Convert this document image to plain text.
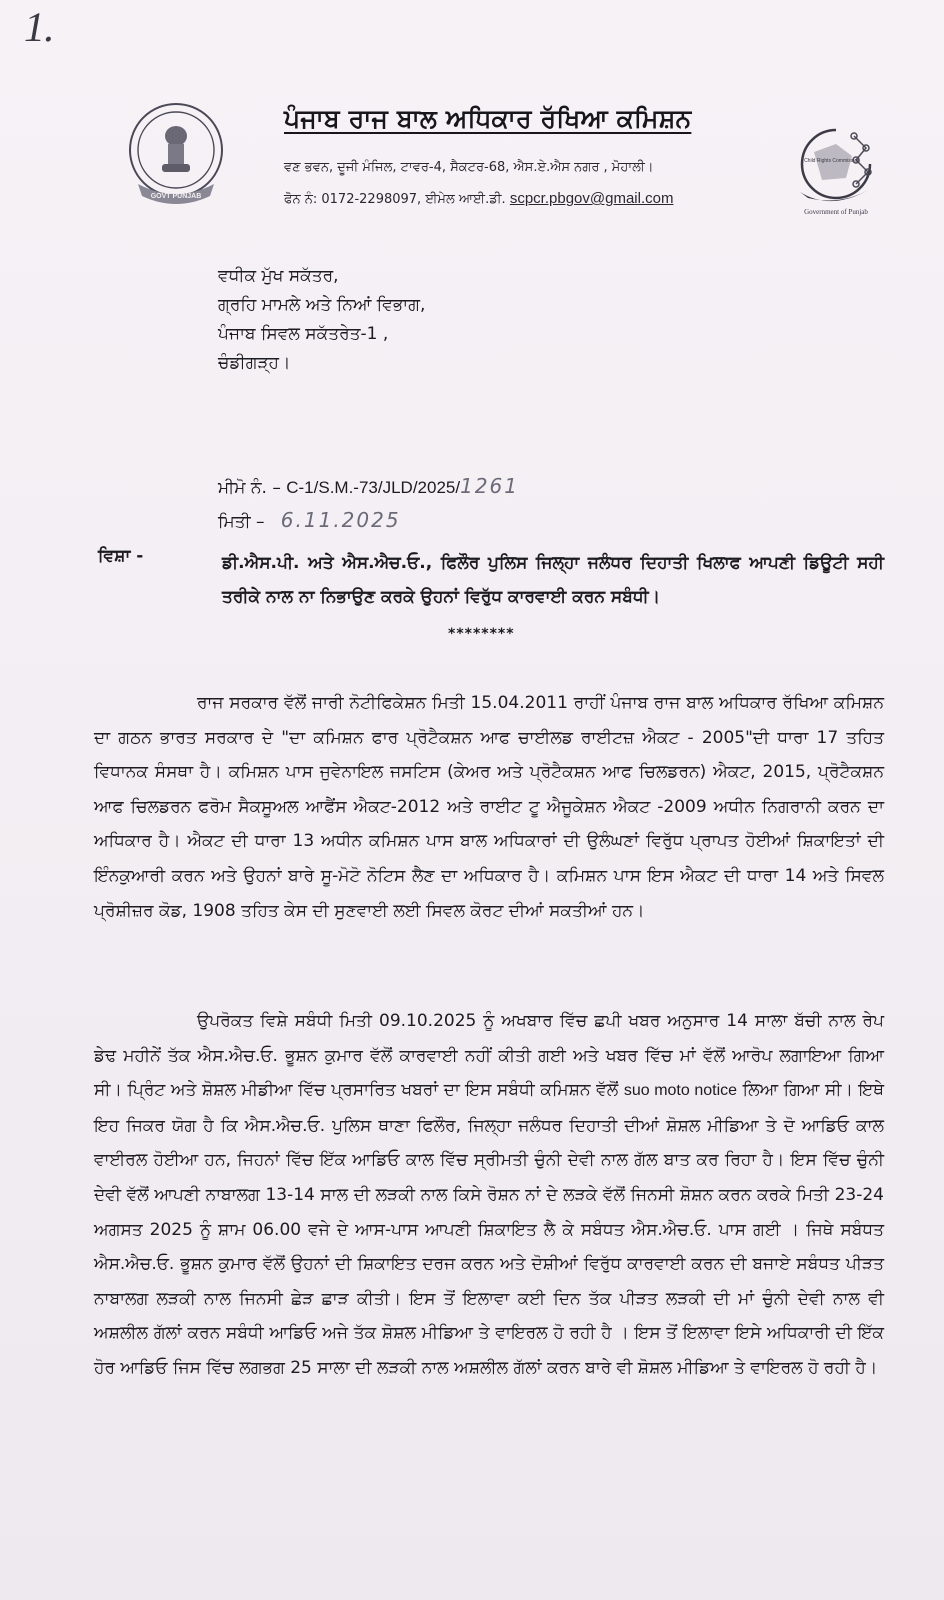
1.
GOVT PUNJAB
ਪੰਜਾਬ ਰਾਜ ਬਾਲ ਅਧਿਕਾਰ ਰੱਖਿਆ ਕਮਿਸ਼ਨ
ਵਣ ਭਵਨ, ਦੂਜੀ ਮੰਜਿਲ, ਟਾਵਰ-4, ਸੈਕਟਰ-68, ਐਸ.ਏ.ਐਸ ਨਗਰ , ਮੋਹਾਲੀ।
ਫੋਨ ਨੰ: 0172-2298097, ਈਮੇਲ ਆਈ.ਡੀ. scpcr.pbgov@gmail.com
Child Rights Commission
Government of Punjab
ਵਧੀਕ ਮੁੱਖ ਸਕੱਤਰ,
ਗ੍ਰਹਿ ਮਾਮਲੇ ਅਤੇ ਨਿਆਂ ਵਿਭਾਗ,
ਪੰਜਾਬ ਸਿਵਲ ਸਕੱਤਰੇਤ-1 ,
ਚੰਡੀਗੜ੍ਹ।
ਮੀਮੋ ਨੰ. – C-1/S.M.-73/JLD/2025/1261
ਮਿਤੀ – 6.11.2025
ਵਿਸ਼ਾ -	ਡੀ.ਐਸ.ਪੀ. ਅਤੇ ਐਸ.ਐਚ.ਓ., ਫਿਲੌਰ ਪੁਲਿਸ ਜਿਲ੍ਹਾ ਜਲੰਧਰ ਦਿਹਾਤੀ ਖਿਲਾਫ ਆਪਣੀ ਡਿਊਟੀ ਸਹੀ ਤਰੀਕੇ ਨਾਲ ਨਾ ਨਿਭਾਉਣ ਕਰਕੇ ਉਹਨਾਂ ਵਿਰੁੱਧ ਕਾਰਵਾਈ ਕਰਨ ਸਬੰਧੀ।
********
ਰਾਜ ਸਰਕਾਰ ਵੱਲੋਂ ਜਾਰੀ ਨੋਟੀਫਿਕੇਸ਼ਨ ਮਿਤੀ 15.04.2011 ਰਾਹੀਂ ਪੰਜਾਬ ਰਾਜ ਬਾਲ ਅਧਿਕਾਰ ਰੱਖਿਆ ਕਮਿਸ਼ਨ ਦਾ ਗਠਨ ਭਾਰਤ ਸਰਕਾਰ ਦੇ "ਦਾ ਕਮਿਸ਼ਨ ਫਾਰ ਪ੍ਰੋਟੈਕਸ਼ਨ ਆਫ ਚਾਈਲਡ ਰਾਈਟਜ਼ ਐਕਟ - 2005"ਦੀ ਧਾਰਾ 17 ਤਹਿਤ ਵਿਧਾਨਕ ਸੰਸਥਾ ਹੈ। ਕਮਿਸ਼ਨ ਪਾਸ ਜੁਵੇਨਾਇਲ ਜਸਟਿਸ (ਕੇਅਰ ਅਤੇ ਪ੍ਰੋਟੈਕਸ਼ਨ ਆਫ ਚਿਲਡਰਨ) ਐਕਟ, 2015, ਪ੍ਰੋਟੈਕਸ਼ਨ ਆਫ ਚਿਲਡਰਨ ਫਰੋਮ ਸੈਕਸੂਅਲ ਆਫੈਂਸ ਐਕਟ-2012 ਅਤੇ ਰਾਈਟ ਟੂ ਐਜੂਕੇਸ਼ਨ ਐਕਟ -2009 ਅਧੀਨ ਨਿਗਰਾਨੀ ਕਰਨ ਦਾ ਅਧਿਕਾਰ ਹੈ। ਐਕਟ ਦੀ ਧਾਰਾ 13 ਅਧੀਨ ਕਮਿਸ਼ਨ ਪਾਸ ਬਾਲ ਅਧਿਕਾਰਾਂ ਦੀ ਉਲੰਘਣਾਂ ਵਿਰੁੱਧ ਪ੍ਰਾਪਤ ਹੋਈਆਂ ਸ਼ਿਕਾਇਤਾਂ ਦੀ ਇੰਨਕੁਆਰੀ ਕਰਨ ਅਤੇ ਉਹਨਾਂ ਬਾਰੇ ਸੂ-ਮੋਟੋ ਨੋਟਿਸ ਲੈਣ ਦਾ ਅਧਿਕਾਰ ਹੈ। ਕਮਿਸ਼ਨ ਪਾਸ ਇਸ ਐਕਟ ਦੀ ਧਾਰਾ 14 ਅਤੇ ਸਿਵਲ ਪ੍ਰੋਸ਼ੀਜ਼ਰ ਕੋਡ, 1908 ਤਹਿਤ ਕੇਸ ਦੀ ਸੁਣਵਾਈ ਲਈ ਸਿਵਲ ਕੋਰਟ ਦੀਆਂ ਸਕਤੀਆਂ ਹਨ।
ਉਪਰੋਕਤ ਵਿਸ਼ੇ ਸਬੰਧੀ ਮਿਤੀ 09.10.2025 ਨੂੰ ਅਖਬਾਰ ਵਿੱਚ ਛਪੀ ਖਬਰ ਅਨੁਸਾਰ 14 ਸਾਲਾ ਬੱਚੀ ਨਾਲ ਰੇਪ ਡੇਢ ਮਹੀਨੇਂ ਤੱਕ ਐਸ.ਐਚ.ਓ. ਭੂਸ਼ਨ ਕੁਮਾਰ ਵੱਲੋਂ ਕਾਰਵਾਈ ਨਹੀਂ ਕੀਤੀ ਗਈ ਅਤੇ ਖਬਰ ਵਿੱਚ ਮਾਂ ਵੱਲੋਂ ਆਰੋਪ ਲਗਾਇਆ ਗਿਆ ਸੀ। ਪ੍ਰਿੰਟ ਅਤੇ ਸ਼ੋਸ਼ਲ ਮੀਡੀਆ ਵਿੱਚ ਪ੍ਰਸਾਰਿਤ ਖਬਰਾਂ ਦਾ ਇਸ ਸਬੰਧੀ ਕਮਿਸ਼ਨ ਵੱਲੋਂ suo moto notice ਲਿਆ ਗਿਆ ਸੀ। ਇਥੇ ਇਹ ਜਿਕਰ ਯੋਗ ਹੈ ਕਿ ਐਸ.ਐਚ.ਓ. ਪੁਲਿਸ ਥਾਣਾ ਫਿਲੌਰ, ਜਿਲ੍ਹਾ ਜਲੰਧਰ ਦਿਹਾਤੀ ਦੀਆਂ ਸ਼ੋਸ਼ਲ ਮੀਡਿਆ ਤੇ ਦੋ ਆਡਿਓ ਕਾਲ ਵਾਈਰਲ ਹੋਈਆ ਹਨ, ਜਿਹਨਾਂ ਵਿੱਚ ਇੱਕ ਆਡਿਓ ਕਾਲ ਵਿੱਚ ਸ੍ਰੀਮਤੀ ਚੁੰਨੀ ਦੇਵੀ ਨਾਲ ਗੱਲ ਬਾਤ ਕਰ ਰਿਹਾ ਹੈ। ਇਸ ਵਿੱਚ ਚੁੰਨੀ ਦੇਵੀ ਵੱਲੋਂ ਆਪਣੀ ਨਾਬਾਲਗ 13-14 ਸਾਲ ਦੀ ਲੜਕੀ ਨਾਲ ਕਿਸੇ ਰੋਸ਼ਨ ਨਾਂ ਦੇ ਲੜਕੇ ਵੱਲੋਂ ਜਿਨਸੀ ਸ਼ੋਸ਼ਨ ਕਰਨ ਕਰਕੇ ਮਿਤੀ 23-24 ਅਗਸਤ 2025 ਨੂੰ ਸ਼ਾਮ 06.00 ਵਜੇ ਦੇ ਆਸ-ਪਾਸ ਆਪਣੀ ਸ਼ਿਕਾਇਤ ਲੈ ਕੇ ਸਬੰਧਤ ਐਸ.ਐਚ.ਓ. ਪਾਸ ਗਈ । ਜਿਥੇ ਸਬੰਧਤ ਐਸ.ਐਚ.ਓ. ਭੂਸ਼ਨ ਕੁਮਾਰ ਵੱਲੋਂ ਉਹਨਾਂ ਦੀ ਸ਼ਿਕਾਇਤ ਦਰਜ ਕਰਨ ਅਤੇ ਦੋਸ਼ੀਆਂ ਵਿਰੁੱਧ ਕਾਰਵਾਈ ਕਰਨ ਦੀ ਬਜਾਏ ਸਬੰਧਤ ਪੀੜਤ ਨਾਬਾਲਗ ਲੜਕੀ ਨਾਲ ਜਿਨਸੀ ਛੇੜ ਛਾੜ ਕੀਤੀ। ਇਸ ਤੋਂ ਇਲਾਵਾ ਕਈ ਦਿਨ ਤੱਕ ਪੀੜਤ ਲੜਕੀ ਦੀ ਮਾਂ ਚੁੰਨੀ ਦੇਵੀ ਨਾਲ ਵੀ ਅਸ਼ਲੀਲ ਗੱਲਾਂ ਕਰਨ ਸਬੰਧੀ ਆਡਿਓ ਅਜੇ ਤੱਕ ਸ਼ੋਸ਼ਲ ਮੀਡਿਆ ਤੇ ਵਾਇਰਲ ਹੋ ਰਹੀ ਹੈ । ਇਸ ਤੋਂ ਇਲਾਵਾ ਇਸੇ ਅਧਿਕਾਰੀ ਦੀ ਇੱਕ ਹੋਰ ਆਡਿਓ ਜਿਸ ਵਿੱਚ ਲਗਭਗ 25 ਸਾਲਾ ਦੀ ਲੜਕੀ ਨਾਲ ਅਸ਼ਲੀਲ ਗੱਲਾਂ ਕਰਨ ਬਾਰੇ ਵੀ ਸ਼ੋਸ਼ਲ ਮੀਡਿਆ ਤੇ ਵਾਇਰਲ ਹੋ ਰਹੀ ਹੈ।
